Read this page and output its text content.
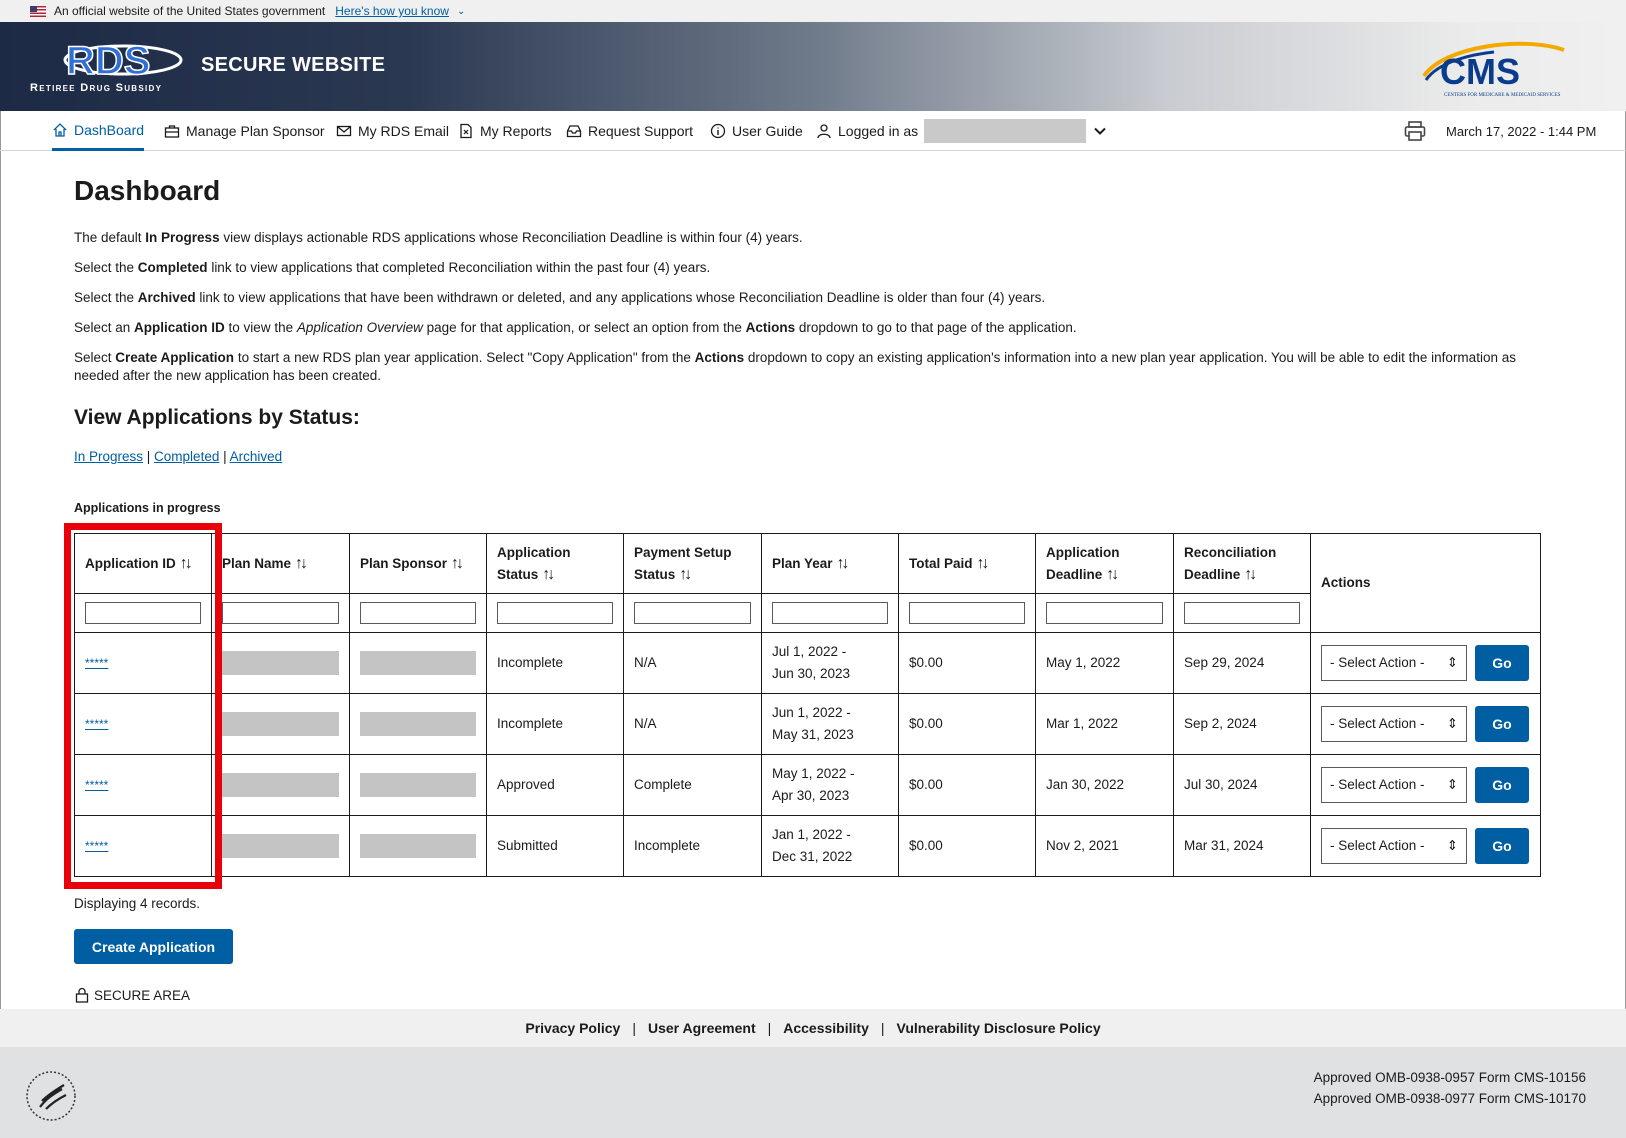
An official website of the United States government Here's how you know ⌄
RDS
Retiree Drug Subsidy
SECURE WEBSITE	CMS
CENTERS FOR MEDICARE & MEDICAID SERVICES
DashBoard	Manage Plan Sponsor My RDS Email My Reports	Request Support	User Guide	Logged in as	March 17, 2022 - 1:44 PM
Dashboard

The default In Progress view displays actionable RDS applications whose Reconciliation Deadline is within four (4) years.

Select the Completed link to view applications that completed Reconciliation within the past four (4) years.

Select the Archived link to view applications that have been withdrawn or deleted, and any applications whose Reconciliation Deadline is older than four (4) years.

Select an Application ID to view the Application Overview page for that application, or select an option from the Actions dropdown to go to that page of the application.

Select Create Application to start a new RDS plan year application. Select "Copy Application" from the Actions dropdown to copy an existing application's information into a new plan year application. You will be able to edit the information as needed after the new application has been created.

View Applications by Status:
In Progress | Completed | Archived
Applications in progress
Application ID ↑↓	Plan Name ↑↓	Plan Sponsor ↑↓	Application
Status ↑↓	Payment Setup
Status ↑↓	Plan Year ↑↓	Total Paid ↑↓	Application
Deadline ↑↓	Reconciliation
Deadline ↑↓	Actions

*****			Incomplete	N/A	Jul 1, 2022 -
Jun 30, 2023	$0.00	May 1, 2022	Sep 29, 2024	- Select Action - ⇕ Go
*****			Incomplete	N/A	Jun 1, 2022 -
May 31, 2023	$0.00	Mar 1, 2022	Sep 2, 2024	- Select Action - ⇕ Go
*****			Approved	Complete	May 1, 2022 -
Apr 30, 2023	$0.00	Jan 30, 2022	Jul 30, 2024	- Select Action - ⇕ Go
*****			Submitted	Incomplete	Jan 1, 2022 -
Dec 31, 2022	$0.00	Nov 2, 2021	Mar 31, 2024	- Select Action - ⇕ Go
Displaying 4 records.
Create Application
SECURE AREA
Privacy Policy | User Agreement | Accessibility | Vulnerability Disclosure Policy
Approved OMB-0938-0957 Form CMS-10156
Approved OMB-0938-0977 Form CMS-10170
